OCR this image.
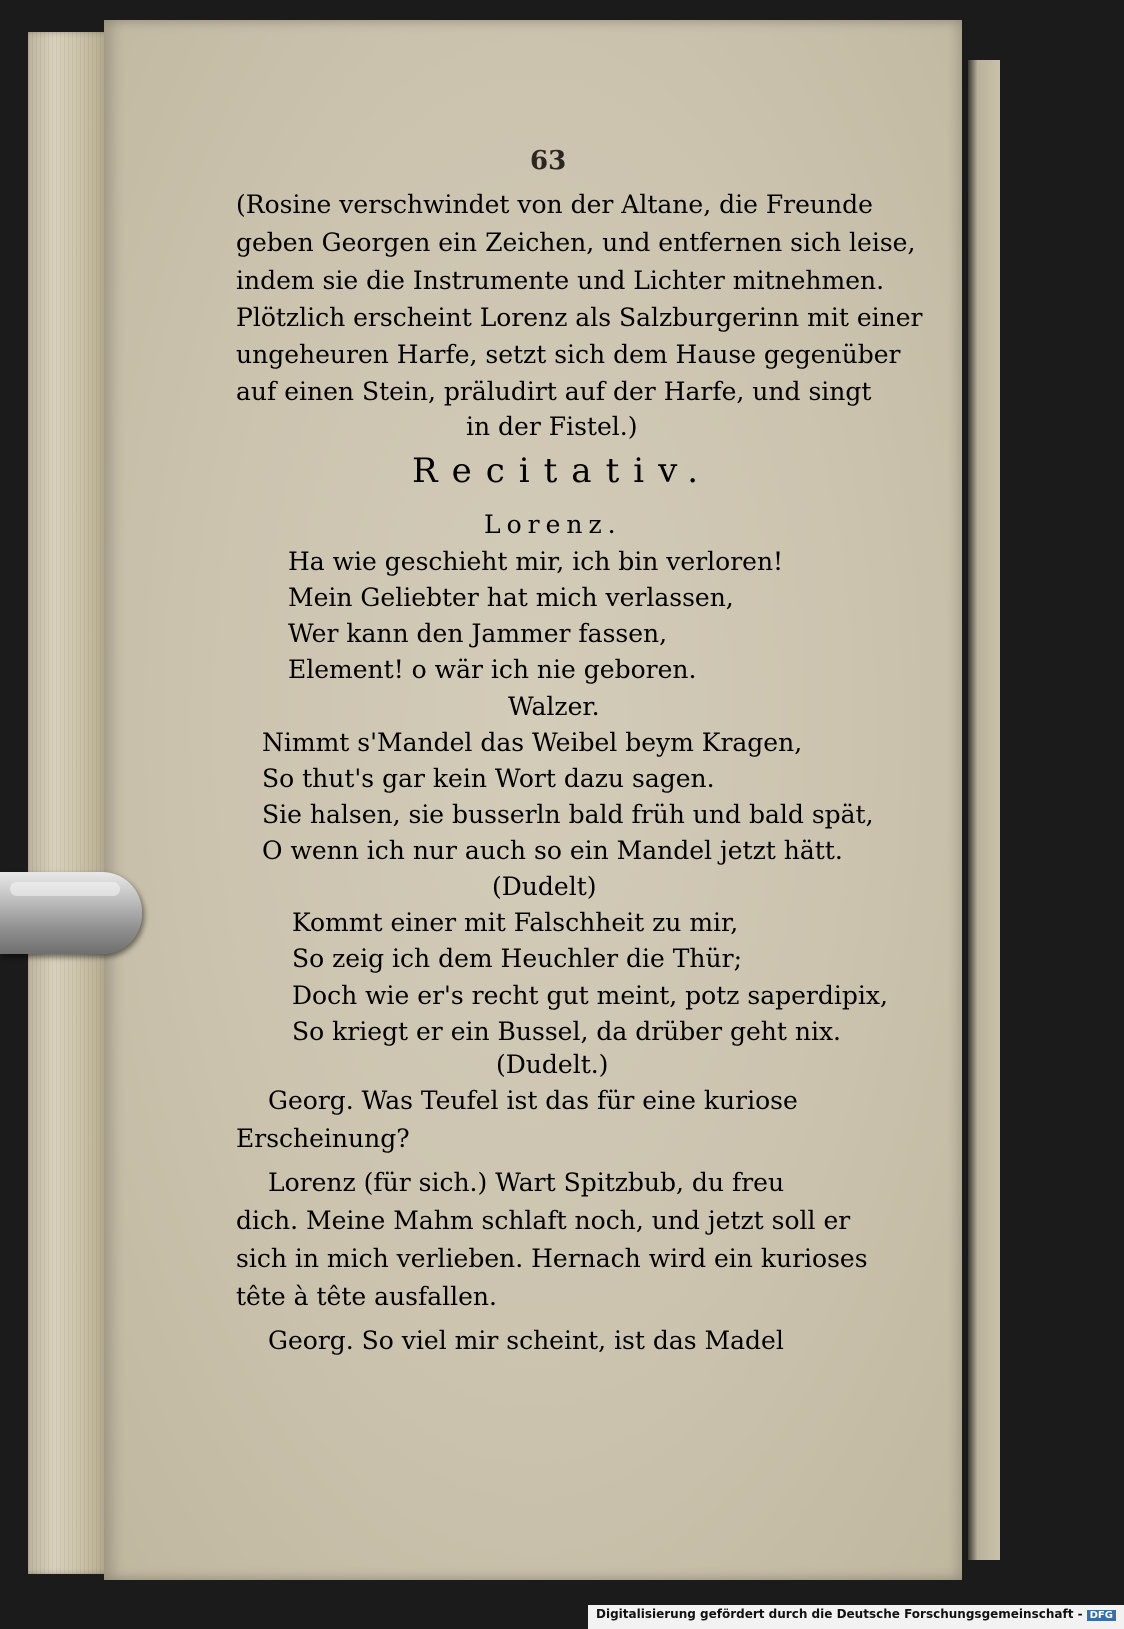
63
(Rosine verschwindet von der Altane, die Freunde
geben Georgen ein Zeichen, und entfernen sich leise,
indem sie die Instrumente und Lichter mitnehmen.
Plötzlich erscheint Lorenz als Salzburgerinn mit einer
ungeheuren Harfe, setzt sich dem Hause gegenüber
auf einen Stein, präludirt auf der Harfe, und singt
in der Fistel.)
Recitativ.
Lorenz.
Ha wie geschieht mir, ich bin verloren!
Mein Geliebter hat mich verlassen,
Wer kann den Jammer fassen,
Element! o wär ich nie geboren.
Walzer.
Nimmt s'Mandel das Weibel beym Kragen,
So thut's gar kein Wort dazu sagen.
Sie halsen, sie busserln bald früh und bald spät,
O wenn ich nur auch so ein Mandel jetzt hätt.
(Dudelt)
Kommt einer mit Falschheit zu mir,
So zeig ich dem Heuchler die Thür;
Doch wie er's recht gut meint, potz saperdipix,
So kriegt er ein Bussel, da drüber geht nix.
(Dudelt.)
Georg. Was Teufel ist das für eine kuriose
Erscheinung?
Lorenz (für sich.) Wart Spitzbub, du freu
dich. Meine Mahm schlaft noch, und jetzt soll er
sich in mich verlieben. Hernach wird ein kurioses
tête à tête ausfallen.
Georg. So viel mir scheint, ist das Madel
Digitalisierung gefördert durch die Deutsche Forschungsgemeinschaft - DFG
